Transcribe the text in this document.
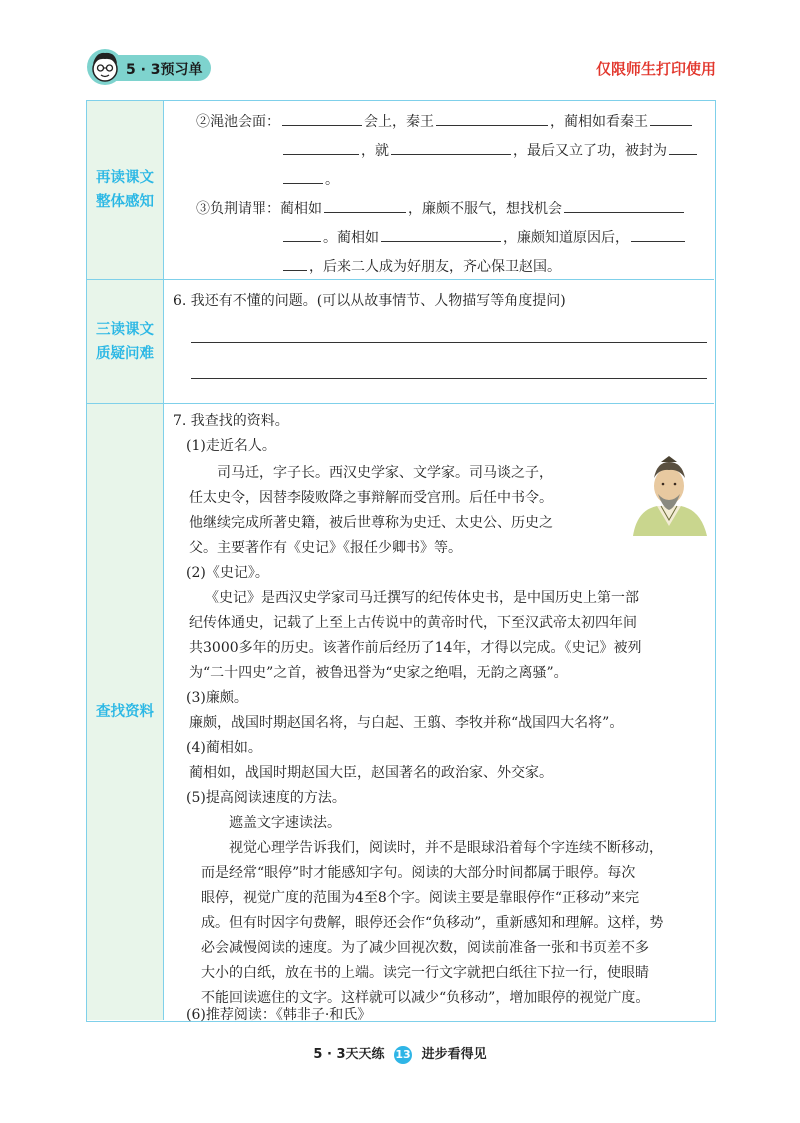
5 · 3预习单	仅限师生打印使用
再读课文
整体感知
②渑池会面：	会上，秦王	，蔺相如看秦王
，就	，最后又立了功，被封为
。
③负荆请罪：蔺相如	，廉颇不服气，想找机会
。蔺相如	，廉颇知道原因后，
，后来二人成为好朋友，齐心保卫赵国。
三读课文
质疑问难
6. 我还有不懂的问题。(可以从故事情节、人物描写等角度提问)
查找资料
7. 我查找的资料。
(1)走近名人。
司马迁，字子长。西汉史学家、文学家。司马谈之子，
任太史令，因替李陵败降之事辩解而受宫刑。后任中书令。
他继续完成所著史籍，被后世尊称为史迁、太史公、历史之
父。主要著作有《史记》《报任少卿书》等。
(2)《史记》。
《史记》是西汉史学家司马迁撰写的纪传体史书，是中国历史上第一部
纪传体通史，记载了上至上古传说中的黄帝时代，下至汉武帝太初四年间
共3000多年的历史。该著作前后经历了14年，才得以完成。《史记》被列
为“二十四史”之首，被鲁迅誉为“史家之绝唱，无韵之离骚”。
(3)廉颇。
廉颇，战国时期赵国名将，与白起、王翦、李牧并称“战国四大名将”。
(4)蔺相如。
蔺相如，战国时期赵国大臣，赵国著名的政治家、外交家。
(5)提高阅读速度的方法。
遮盖文字速读法。
视觉心理学告诉我们，阅读时，并不是眼球沿着每个字连续不断移动，
而是经常“眼停”时才能感知字句。阅读的大部分时间都属于眼停。每次
眼停，视觉广度的范围为4至8个字。阅读主要是靠眼停作“正移动”来完
成。但有时因字句费解，眼停还会作“负移动”，重新感知和理解。这样，势
必会减慢阅读的速度。为了减少回视次数，阅读前准备一张和书页差不多
大小的白纸，放在书的上端。读完一行文字就把白纸往下拉一行，使眼睛
不能回读遮住的文字。这样就可以减少“负移动”，增加眼停的视觉广度。
(6)推荐阅读：《韩非子·和氏》
5 · 3天天练 13 进步看得见
